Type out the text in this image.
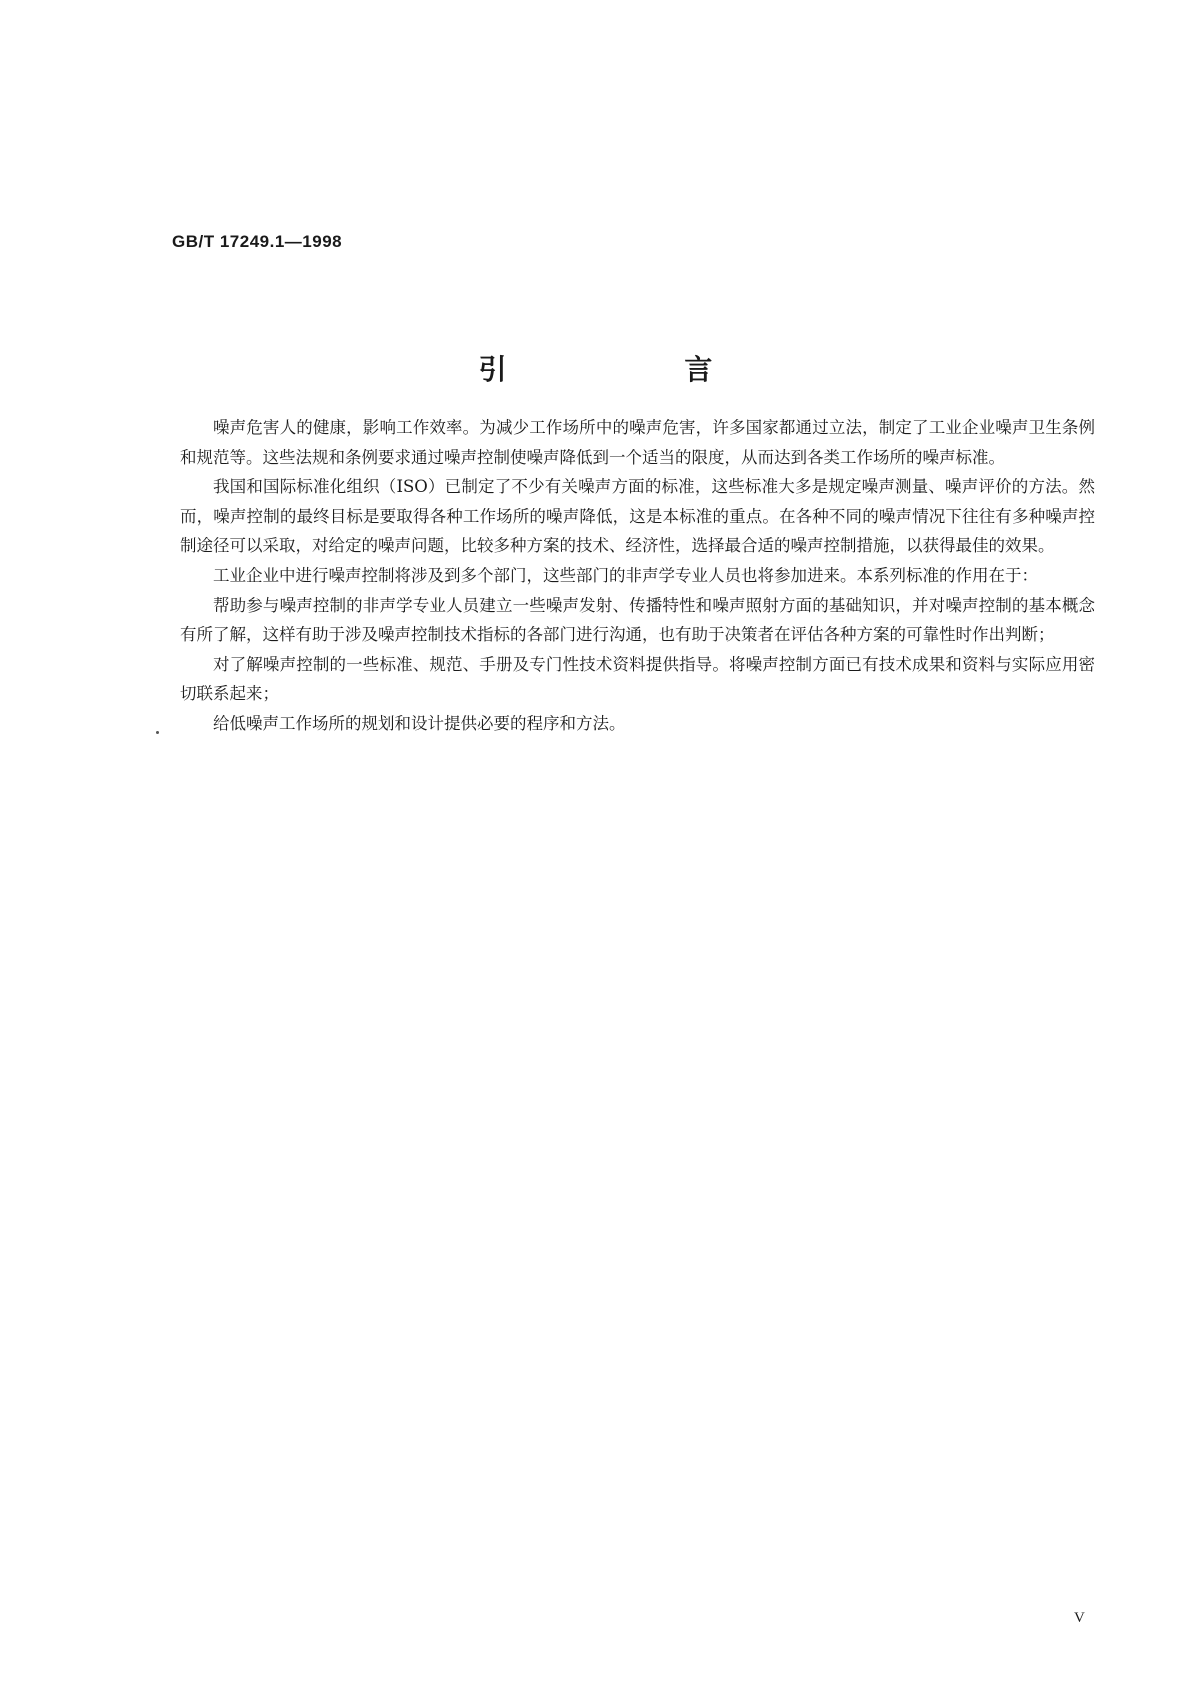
GB/T 17249.1—1998
引 言

噪声危害人的健康，影响工作效率。为减少工作场所中的噪声危害，许多国家都通过立法，制定了工业企业噪声卫生条例和规范等。这些法规和条例要求通过噪声控制使噪声降低到一个适当的限度，从而达到各类工作场所的噪声标准。

我国和国际标准化组织（ISO）已制定了不少有关噪声方面的标准，这些标准大多是规定噪声测量、噪声评价的方法。然而，噪声控制的最终目标是要取得各种工作场所的噪声降低，这是本标准的重点。在各种不同的噪声情况下往往有多种噪声控制途径可以采取，对给定的噪声问题，比较多种方案的技术、经济性，选择最合适的噪声控制措施，以获得最佳的效果。

工业企业中进行噪声控制将涉及到多个部门，这些部门的非声学专业人员也将参加进来。本系列标准的作用在于：

帮助参与噪声控制的非声学专业人员建立一些噪声发射、传播特性和噪声照射方面的基础知识，并对噪声控制的基本概念有所了解，这样有助于涉及噪声控制技术指标的各部门进行沟通，也有助于决策者在评估各种方案的可靠性时作出判断；

对了解噪声控制的一些标准、规范、手册及专门性技术资料提供指导。将噪声控制方面已有技术成果和资料与实际应用密切联系起来；

给低噪声工作场所的规划和设计提供必要的程序和方法。

V
